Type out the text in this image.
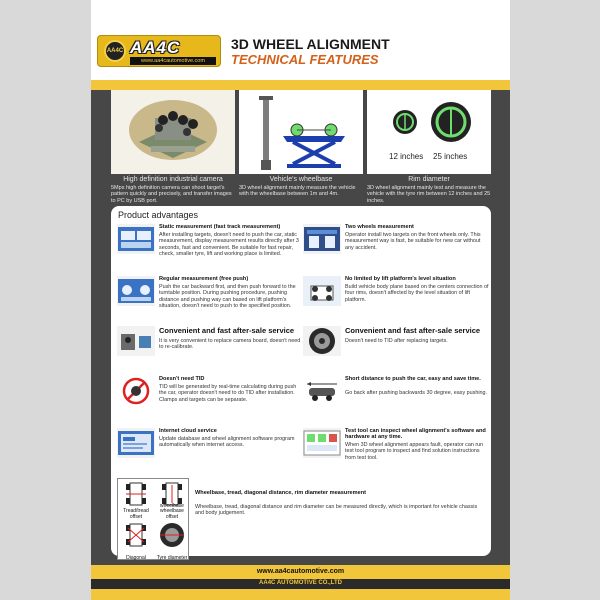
AA4C AA4C
www.aa4cautomotive.com
3D WHEEL ALIGNMENT
TECHNICAL FEATURES
High definition industrial camera
5Mps high definition camera can shoot target's pattern quickly and precisely, and transfer images to PC by USB port.
Vehicle's wheelbase
3D wheel alignment mainly measure the vehicle with the wheelbase between 1m and 4m.
12 inches 25 inches
Rim diameter
3D wheel alignment mainly test and measure the vehicle with the tyre rim between 12 inches and 25 inches.
Product advantages
Static measurement (fast track measurement)
After installing targets, doesn't need to push the car, static measurement, display measurement results directly after 3 seconds, fast and convenient. Be suitable for fast repair, check, smaller tyre, lift and working place is limited.
Two wheels measurement
Operator install two targets on the front wheels only. This measurement way is fast, be suitable for new car without any accident.
Regular measurement (free push)
Push the car backward first, and then push forward to the turntable position. During pushing procedure, pushing distance and pushing way can based on lift platform's situation, doesn't need to push to the specified position.
No limited by lift platform's level situation
Build vehicle body plane based on the centers connection of four rims, doesn't affected by the level situation of lift platform.
Convenient and fast after-sale service
It is very convenient to replace camera board, doesn't need to re-calibrate.
Convenient and fast after-sale service
Doesn't need to TID after replacing targets.
Doesn't need TID
TID will be generated by real-time calculating during push the car, operator doesn't need to do TID after installation. Clamps and targets can be separate.
Short distance to push the car, easy and save time.
Go back after pushing backwards 30 degree, easy pushing.
Internet cloud service
Update database and wheel alignment software program automatically when internet access.
Test tool can inspect wheel alignment's software and hardware at any time.
When 3D wheel alignment appears fault, operator can run test tool program to inspect and find solution instructions from test tool.
Tread/tread offset
wheelbase wheelbase offset
Diagonal	Tyre diameter
Wheelbase, tread, diagonal distance, rim diameter measurement
Wheelbase, tread, diagonal distance and rim diameter can be measured directly, which is important for vehicle chassis and body judgement.
www.aa4cautomotive.com
AA4C AUTOMOTIVE CO.,LTD
